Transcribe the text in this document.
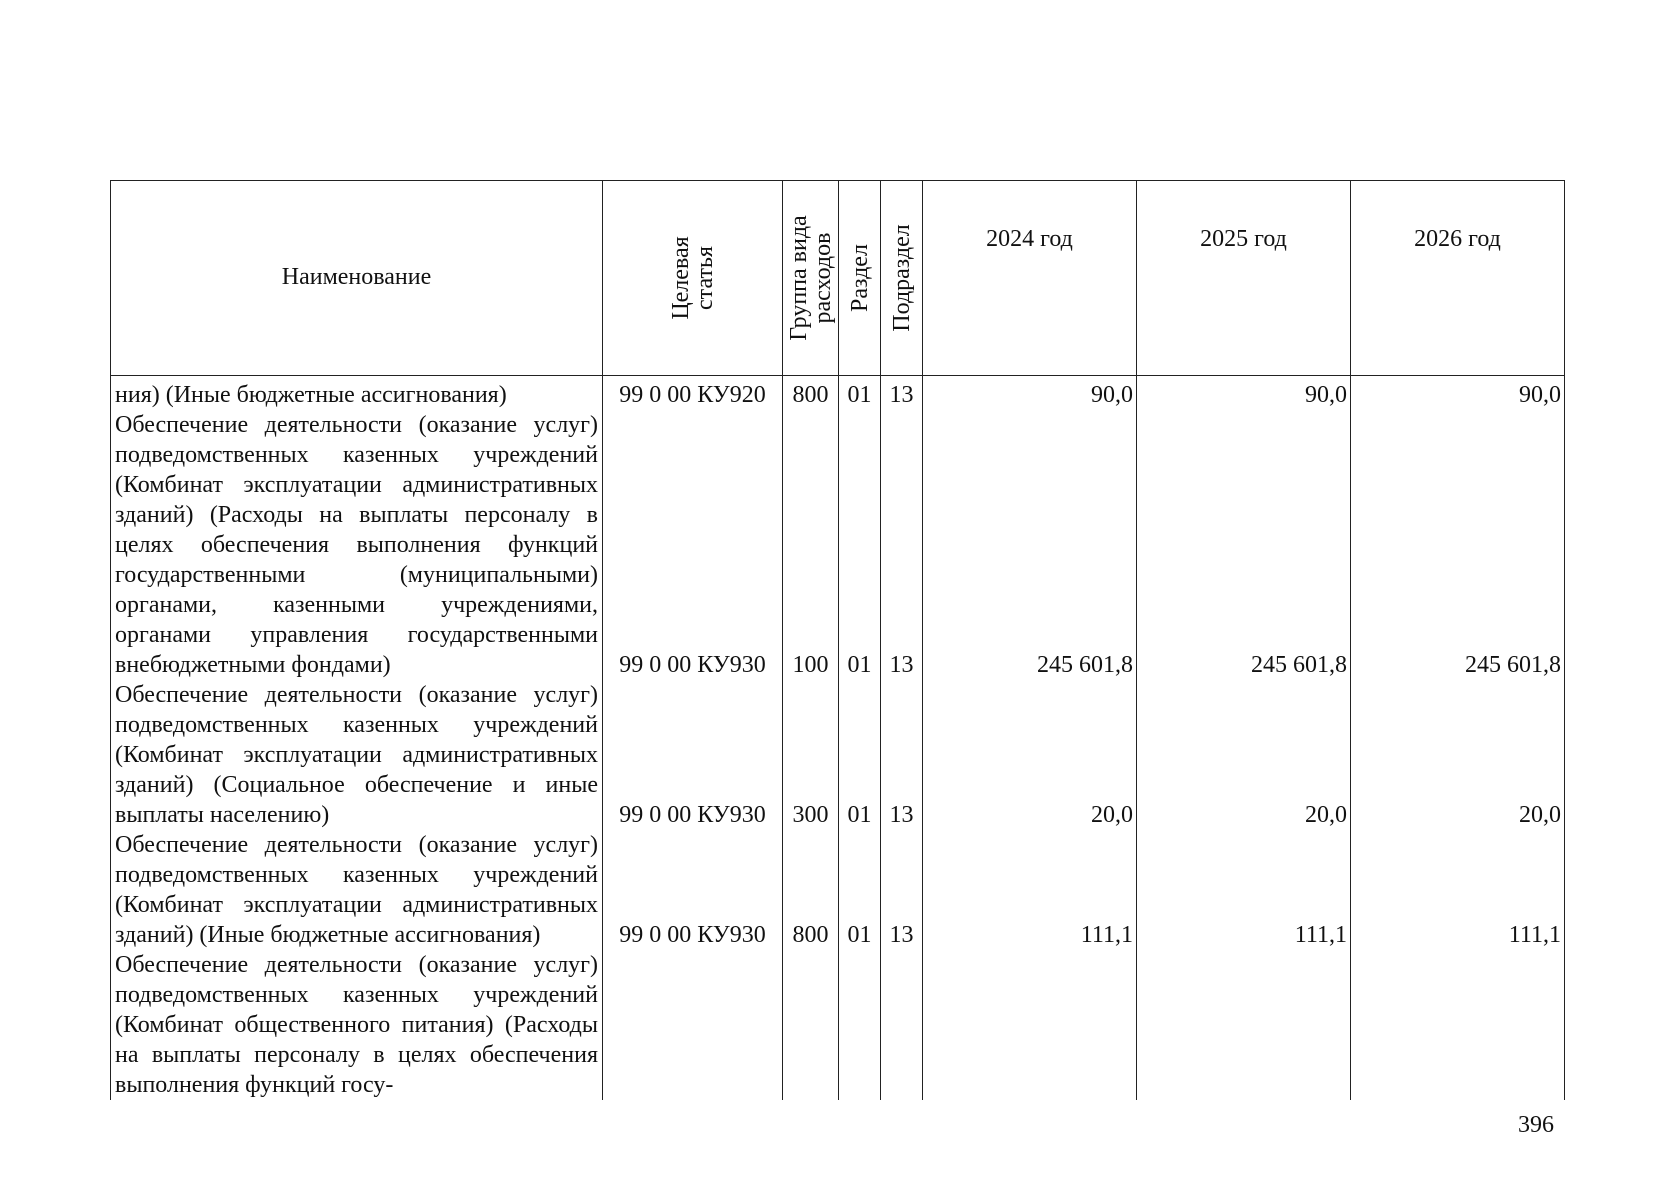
Наименование	Целевая статья	Группа вида расходов	Раздел	Подраздел	2024 год	2025 год	2026 год
ния) (Иные бюджетные ассигнования)	99 0 00 КУ920	800	01	13	90,0	90,0	90,0
Обеспечение деятельности (оказание услуг) подведомственных казенных учреждений (Комбинат эксплуатации административных зданий) (Расходы на выплаты персоналу в целях обеспечения выполнения функций государственными (муниципальными) органами, казенными учреждениями, органами управления государственными внебюджетными фондами)	99 0 00 КУ930	100	01	13	245 601,8	245 601,8	245 601,8
Обеспечение деятельности (оказание услуг) подведомственных казенных учреждений (Комбинат эксплуатации административных зданий) (Социальное обеспечение и иные выплаты населению)	99 0 00 КУ930	300	01	13	20,0	20,0	20,0
Обеспечение деятельности (оказание услуг) подведомственных казенных учреждений (Комбинат эксплуатации административных зданий) (Иные бюджетные ассигнования)	99 0 00 КУ930	800	01	13	111,1	111,1	111,1
Обеспечение деятельности (оказание услуг) подведомственных казенных учреждений (Комбинат общественного питания) (Расходы на выплаты персоналу в целях обеспечения выполнения функций госу-							
396
